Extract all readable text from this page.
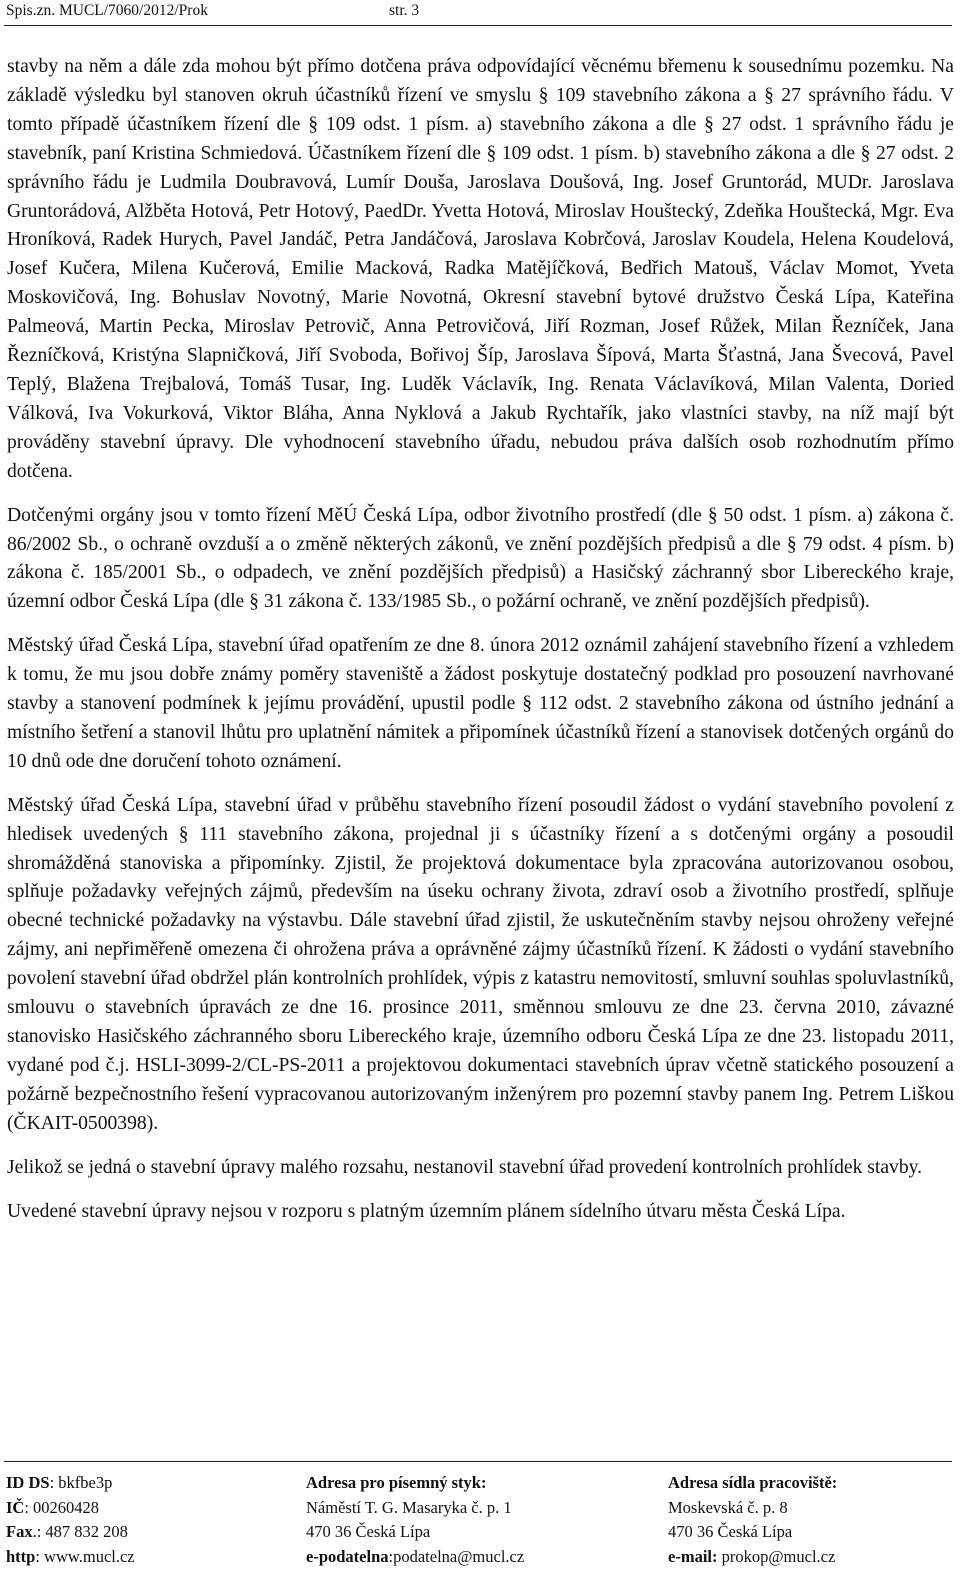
Spis.zn. MUCL/7060/2012/Prok	str. 3

stavby na něm a dále zda mohou být přímo dotčena práva odpovídající věcnému břemenu k sousednímu pozemku. Na základě výsledku byl stanoven okruh účastníků řízení ve smyslu § 109 stavebního zákona a § 27 správního řádu. V tomto případě účastníkem řízení dle § 109 odst. 1 písm. a) stavebního zákona a dle § 27 odst. 1 správního řádu je stavebník, paní Kristina Schmiedová. Účastníkem řízení dle § 109 odst. 1 písm. b) stavebního zákona a dle § 27 odst. 2 správního řádu je Ludmila Doubravová, Lumír Douša, Jaroslava Doušová, Ing. Josef Gruntorád, MUDr. Jaroslava Gruntorádová, Alžběta Hotová, Petr Hotový, PaedDr. Yvetta Hotová, Miroslav Houštecký, Zdeňka Houštecká, Mgr. Eva Hroníková, Radek Hurych, Pavel Jandáč, Petra Jandáčová, Jaroslava Kobrčová, Jaroslav Koudela, Helena Koudelová, Josef Kučera, Milena Kučerová, Emilie Macková, Radka Matějíčková, Bedřich Matouš, Václav Momot, Yveta Moskovičová, Ing. Bohuslav Novotný, Marie Novotná, Okresní stavební bytové družstvo Česká Lípa, Kateřina Palmeová, Martin Pecka, Miroslav Petrovič, Anna Petrovičová, Jiří Rozman, Josef Růžek, Milan Řezníček, Jana Řezníčková, Kristýna Slapničková, Jiří Svoboda, Bořivoj Šíp, Jaroslava Šípová, Marta Šťastná, Jana Švecová, Pavel Teplý, Blažena Trejbalová, Tomáš Tusar, Ing. Luděk Václavík, Ing. Renata Václavíková, Milan Valenta, Doried Válková, Iva Vokurková, Viktor Bláha, Anna Nyklová a Jakub Rychtařík, jako vlastníci stavby, na níž mají být prováděny stavební úpravy. Dle vyhodnocení stavebního úřadu, nebudou práva dalších osob rozhodnutím přímo dotčena.

Dotčenými orgány jsou v tomto řízení MěÚ Česká Lípa, odbor životního prostředí (dle § 50 odst. 1 písm. a) zákona č. 86/2002 Sb., o ochraně ovzduší a o změně některých zákonů, ve znění pozdějších předpisů a dle § 79 odst. 4 písm. b) zákona č. 185/2001 Sb., o odpadech, ve znění pozdějších předpisů) a Hasičský záchranný sbor Libereckého kraje, územní odbor Česká Lípa (dle § 31 zákona č. 133/1985 Sb., o požární ochraně, ve znění pozdějších předpisů).

Městský úřad Česká Lípa, stavební úřad opatřením ze dne 8. února 2012 oznámil zahájení stavebního řízení a vzhledem k tomu, že mu jsou dobře známy poměry staveniště a žádost poskytuje dostatečný podklad pro posouzení navrhované stavby a stanovení podmínek k jejímu provádění, upustil podle § 112 odst. 2 stavebního zákona od ústního jednání a místního šetření a stanovil lhůtu pro uplatnění námitek a připomínek účastníků řízení a stanovisek dotčených orgánů do 10 dnů ode dne doručení tohoto oznámení.

Městský úřad Česká Lípa, stavební úřad v průběhu stavebního řízení posoudil žádost o vydání stavebního povolení z hledisek uvedených § 111 stavebního zákona, projednal ji s účastníky řízení a s dotčenými orgány a posoudil shromážděná stanoviska a připomínky. Zjistil, že projektová dokumentace byla zpracována autorizovanou osobou, splňuje požadavky veřejných zájmů, především na úseku ochrany života, zdraví osob a životního prostředí, splňuje obecné technické požadavky na výstavbu. Dále stavební úřad zjistil, že uskutečněním stavby nejsou ohroženy veřejné zájmy, ani nepřiměřeně omezena či ohrožena práva a oprávněné zájmy účastníků řízení. K žádosti o vydání stavebního povolení stavební úřad obdržel plán kontrolních prohlídek, výpis z katastru nemovitostí, smluvní souhlas spoluvlastníků, smlouvu o stavebních úpravách ze dne 16. prosince 2011, směnnou smlouvu ze dne 23. června 2010, závazné stanovisko Hasičského záchranného sboru Libereckého kraje, územního odboru Česká Lípa ze dne 23. listopadu 2011, vydané pod č.j. HSLI-3099-2/CL-PS-2011 a projektovou dokumentaci stavebních úprav včetně statického posouzení a požárně bezpečnostního řešení vypracovanou autorizovaným inženýrem pro pozemní stavby panem Ing. Petrem Liškou (ČKAIT-0500398).

Jelikož se jedná o stavební úpravy malého rozsahu, nestanovil stavební úřad provedení kontrolních prohlídek stavby.

Uvedené stavební úpravy nejsou v rozporu s platným územním plánem sídelního útvaru města Česká Lípa.

ID DS: bkfbe3p
IČ: 00260428
Fax.: 487 832 208
http: www.mucl.cz
Adresa pro písemný styk:
Náměstí T. G. Masaryka č. p. 1
470 36 Česká Lípa
e-podatelna:podatelna@mucl.cz
Adresa sídla pracoviště:
Moskevská č. p. 8
470 36 Česká Lípa
e-mail: prokop@mucl.cz
